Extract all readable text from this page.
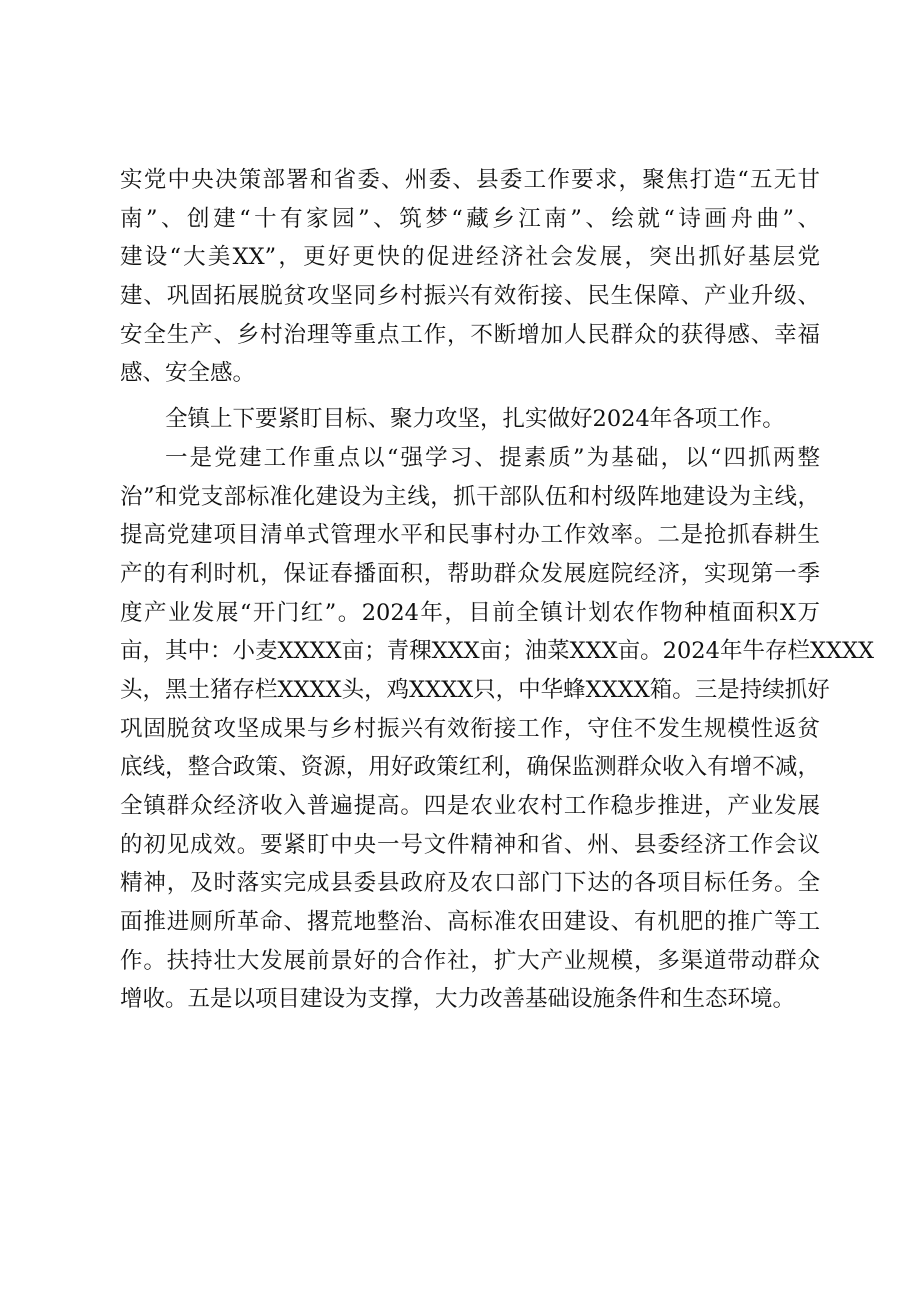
实党中央决策部署和省委、州委、县委工作要求，聚焦打造“五无甘
南”、创建“十有家园”、筑梦“藏乡江南”、绘就“诗画舟曲”、
建设“大美XX”，更好更快的促进经济社会发展，突出抓好基层党
建、巩固拓展脱贫攻坚同乡村振兴有效衔接、民生保障、产业升级、
安全生产、乡村治理等重点工作，不断增加人民群众的获得感、幸福
感、安全感。
全镇上下要紧盯目标、聚力攻坚，扎实做好2024年各项工作。
一是党建工作重点以“强学习、提素质”为基础，以“四抓两整
治”和党支部标准化建设为主线，抓干部队伍和村级阵地建设为主线，
提高党建项目清单式管理水平和民事村办工作效率。二是抢抓春耕生
产的有利时机，保证春播面积，帮助群众发展庭院经济，实现第一季
度产业发展“开门红”。2024年，目前全镇计划农作物种植面积X万
亩，其中：小麦XXXX亩；青稞XXX亩；油菜XXX亩。2024年牛存栏XXXX
头，黑土猪存栏XXXX头，鸡XXXX只，中华蜂XXXX箱。三是持续抓好
巩固脱贫攻坚成果与乡村振兴有效衔接工作，守住不发生规模性返贫
底线，整合政策、资源，用好政策红利，确保监测群众收入有增不减，
全镇群众经济收入普遍提高。四是农业农村工作稳步推进，产业发展
的初见成效。要紧盯中央一号文件精神和省、州、县委经济工作会议
精神，及时落实完成县委县政府及农口部门下达的各项目标任务。全
面推进厕所革命、撂荒地整治、高标准农田建设、有机肥的推广等工
作。扶持壮大发展前景好的合作社，扩大产业规模，多渠道带动群众
增收。五是以项目建设为支撑，大力改善基础设施条件和生态环境。
